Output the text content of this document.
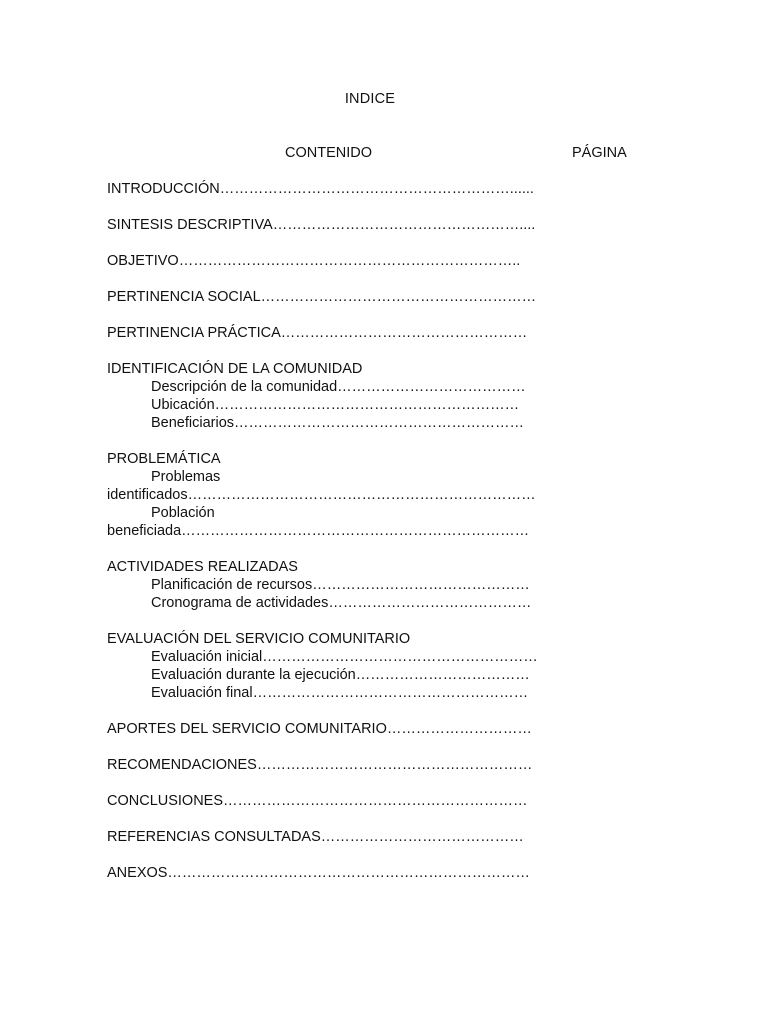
INDICE
CONTENIDO	PÁGINA
INTRODUCCIÓN……………………………………………………......
SINTESIS DESCRIPTIVA……………………………………………....
OBJETIVO……………………………………………………………..
PERTINENCIA SOCIAL…………………………………………………
PERTINENCIA PRÁCTICA……………………………………………
IDENTIFICACIÓN DE LA COMUNIDAD
Descripción de la comunidad…………………………………
Ubicación………………………………………………………
Beneficiarios……………………………………………………
PROBLEMÁTICA
Problemas
identificados………………………………………………………………
Población
beneficiada………………………………………………………………
ACTIVIDADES REALIZADAS
Planificación de recursos………………………………………
Cronograma de actividades……………………………………
EVALUACIÓN DEL SERVICIO COMUNITARIO
Evaluación inicial…………………………………………………
Evaluación durante la ejecución………………………………
Evaluación final…………………………………………………
APORTES DEL SERVICIO COMUNITARIO…………………………
RECOMENDACIONES…………………………………………………
CONCLUSIONES………………………………………………………
REFERENCIAS CONSULTADAS……………………………………
ANEXOS…………………………………………………………………
